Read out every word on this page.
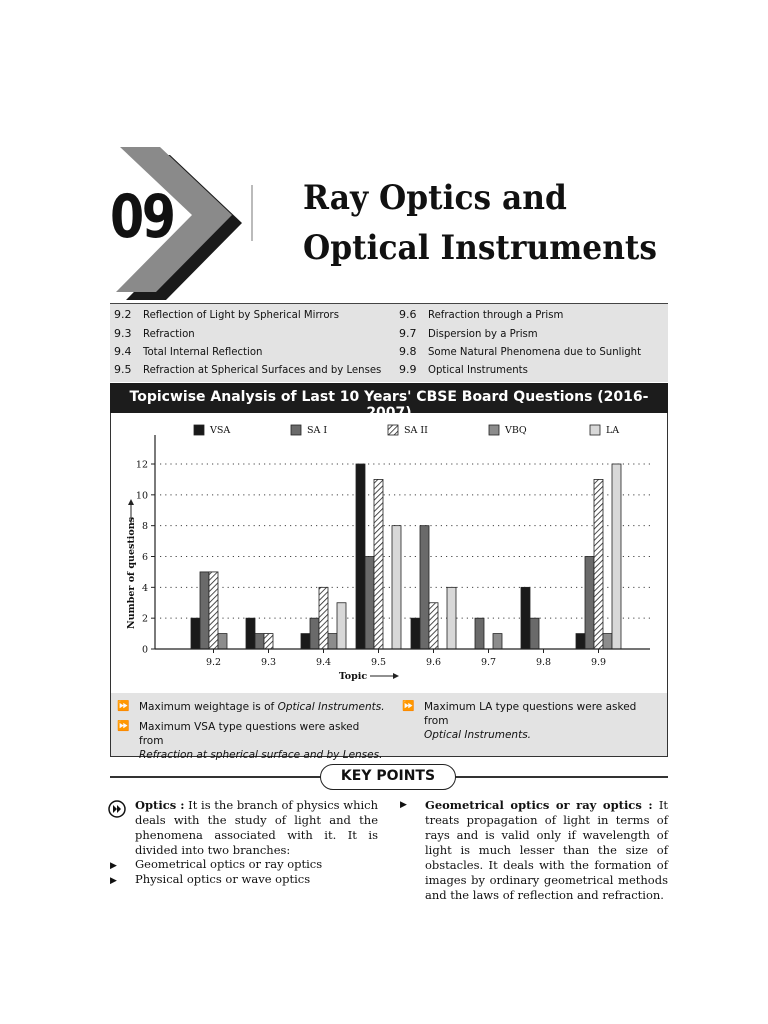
09	Ray Optics and
Optical Instruments
9.2 Reflection of Light by Spherical Mirrors
9.3 Refraction
9.4 Total Internal Reflection
9.5 Refraction at Spherical Surfaces and by Lenses
9.6 Refraction through a Prism
9.7 Dispersion by a Prism
9.8 Some Natural Phenomena due to Sunlight
9.9 Optical Instruments
Topicwise Analysis of Last 10 Years' CBSE Board Questions (2016-2007)
VSA	SA I	SA II	VBQ	LA
0
2
4
6
8
10
12
9.2	9.3	9.4	9.5	9.6	9.7	9.8	9.9
Topic
Number of questions
⏩ Maximum weightage is of Optical Instruments.
⏩ Maximum VSA type questions were asked from
Refraction at spherical surface and by Lenses.
⏩ Maximum LA type questions were asked from
Optical Instruments.
KEY POINTS
Optics : It is the branch of physics which deals with the study of light and the phenomena associated with it. It is divided into two branches:
▶ Geometrical optics or ray optics
▶ Physical optics or wave optics
▶ Geometrical optics or ray optics : It treats propagation of light in terms of rays and is valid only if wavelength of light is much lesser than the size of obstacles. It deals with the formation of images by ordinary geometrical methods and the laws of reflection and refraction.
